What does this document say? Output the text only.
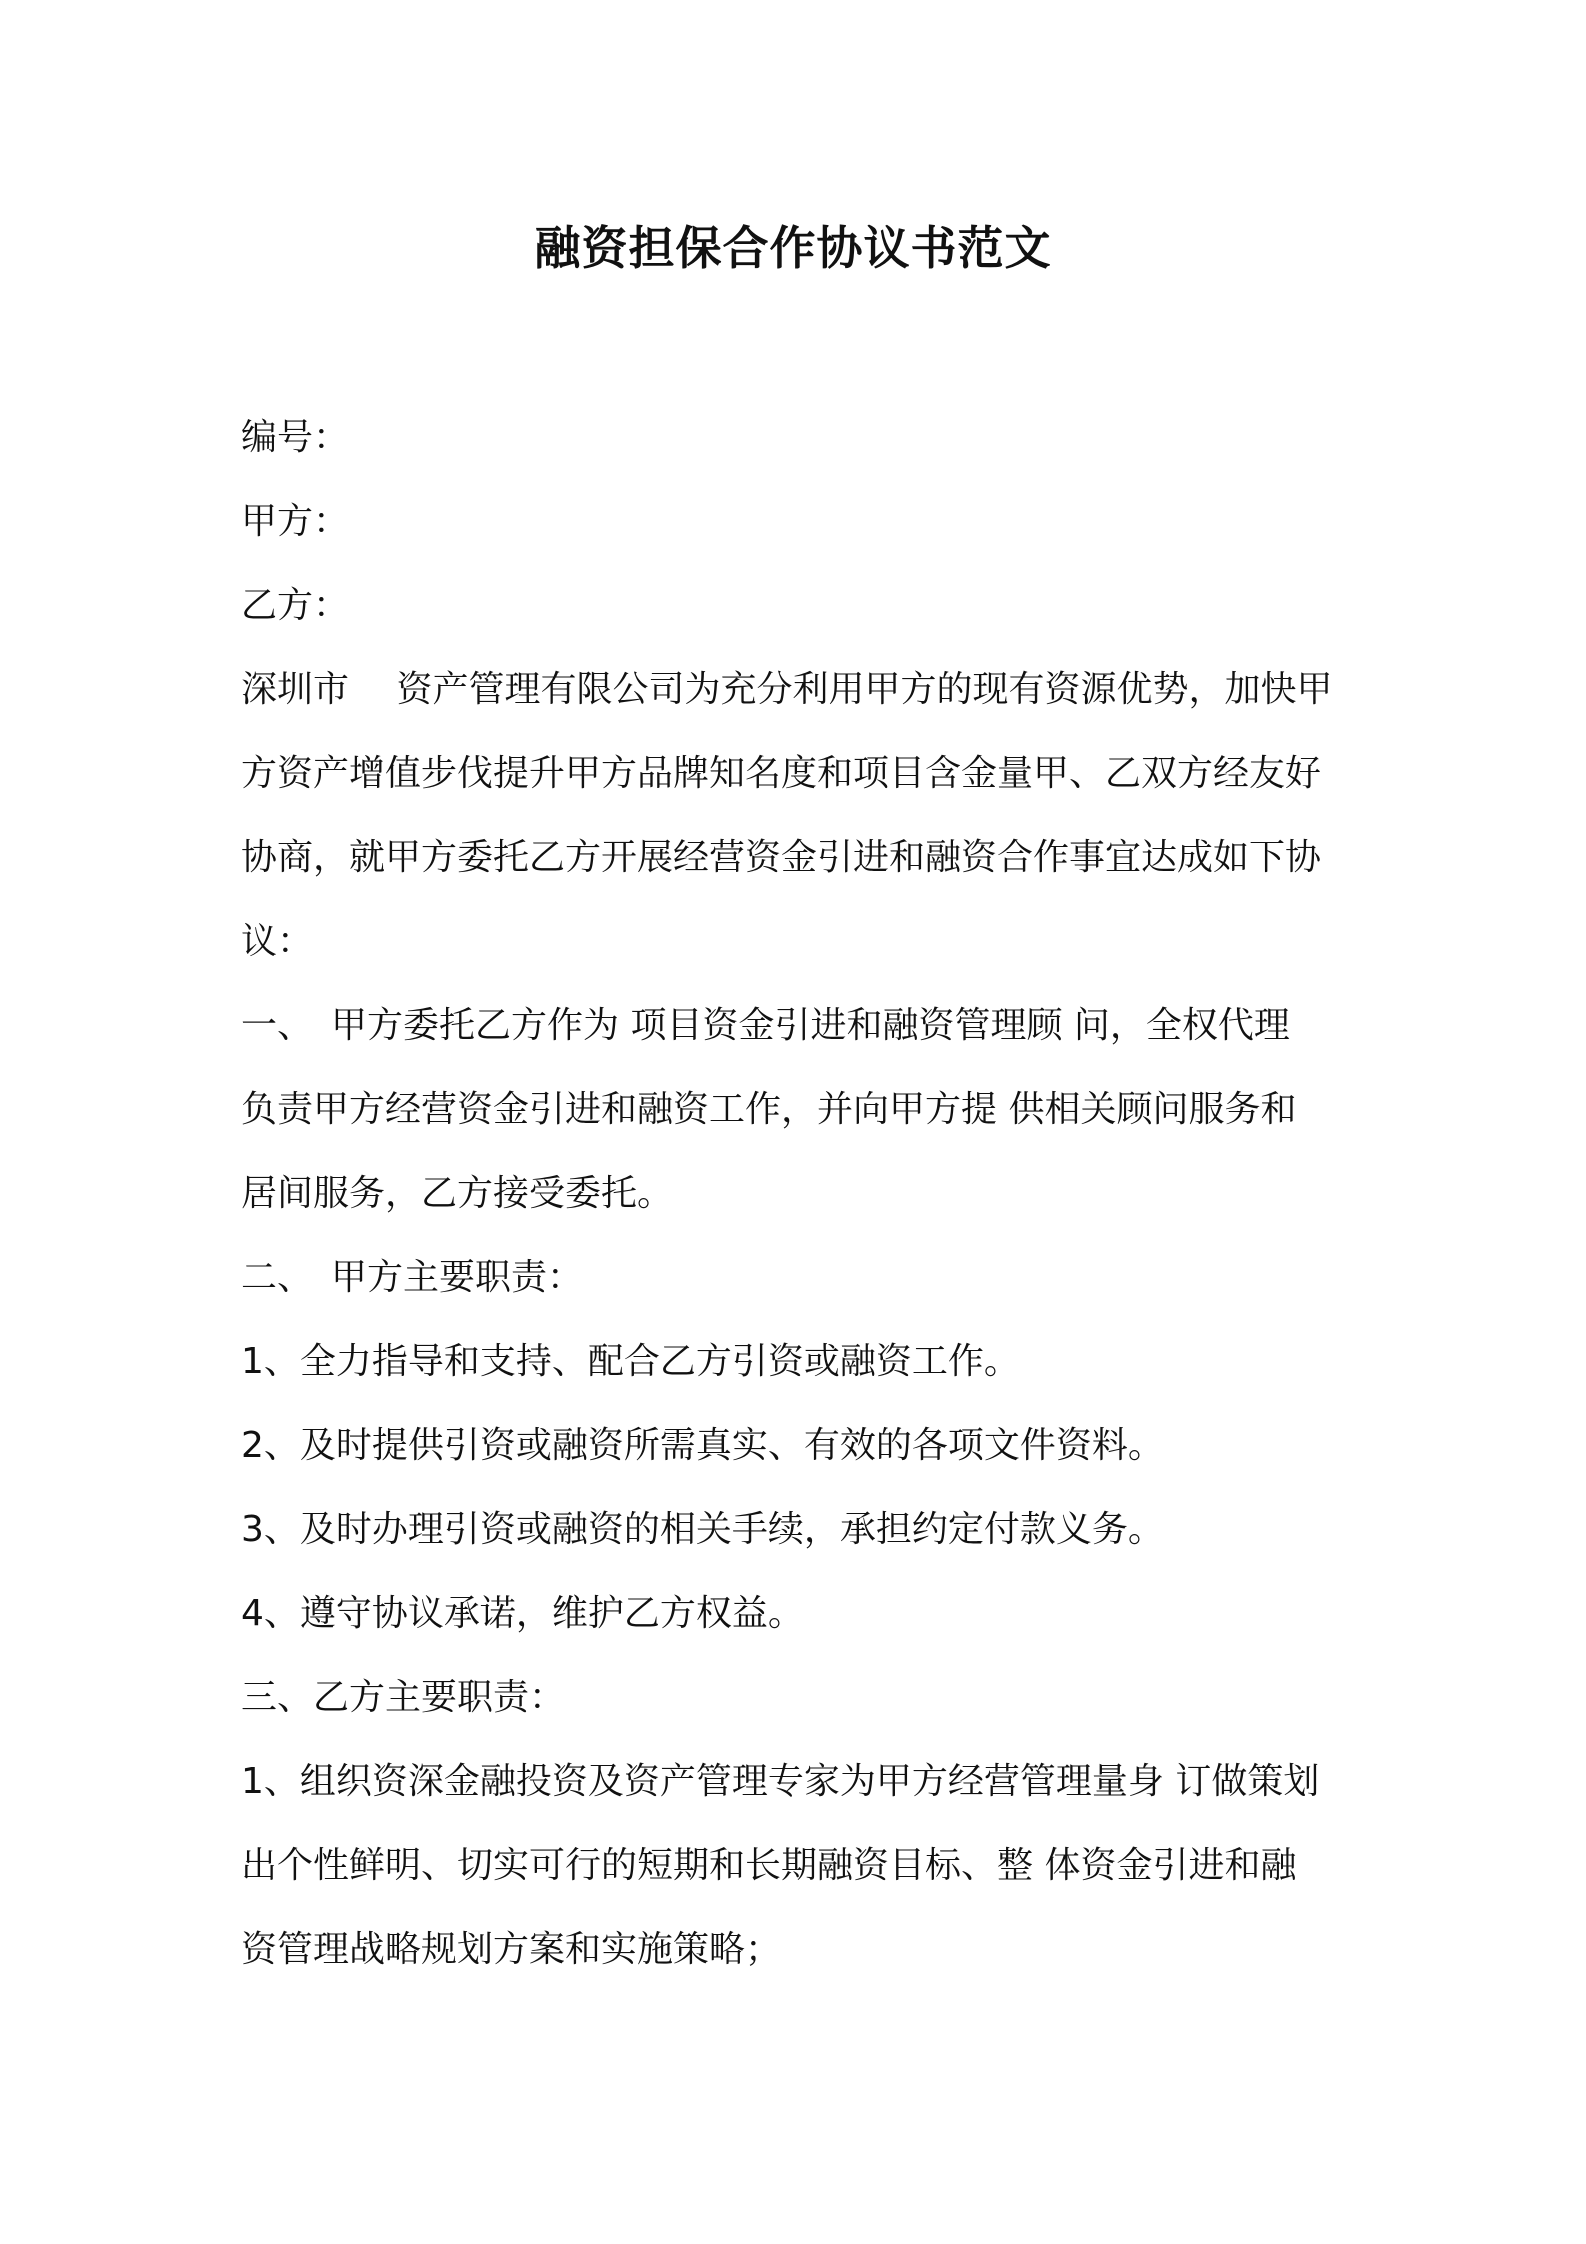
融资担保合作协议书范文

编号：

甲方：

乙方：

深圳市　 资产管理有限公司为充分利用甲方的现有资源优势，加快甲

方资产增值步伐提升甲方品牌知名度和项目含金量甲、乙双方经友好

协商，就甲方委托乙方开展经营资金引进和融资合作事宜达成如下协

议：

一、　甲方委托乙方作为 项目资金引进和融资管理顾 问，全权代理

负责甲方经营资金引进和融资工作，并向甲方提 供相关顾问服务和

居间服务，乙方接受委托。

二、　甲方主要职责：

1、全力指导和支持、配合乙方引资或融资工作。

2、及时提供引资或融资所需真实、有效的各项文件资料。

3、及时办理引资或融资的相关手续，承担约定付款义务。

4、遵守协议承诺，维护乙方权益。

三、乙方主要职责：

1、组织资深金融投资及资产管理专家为甲方经营管理量身 订做策划

出个性鲜明、切实可行的短期和长期融资目标、整 体资金引进和融

资管理战略规划方案和实施策略；
